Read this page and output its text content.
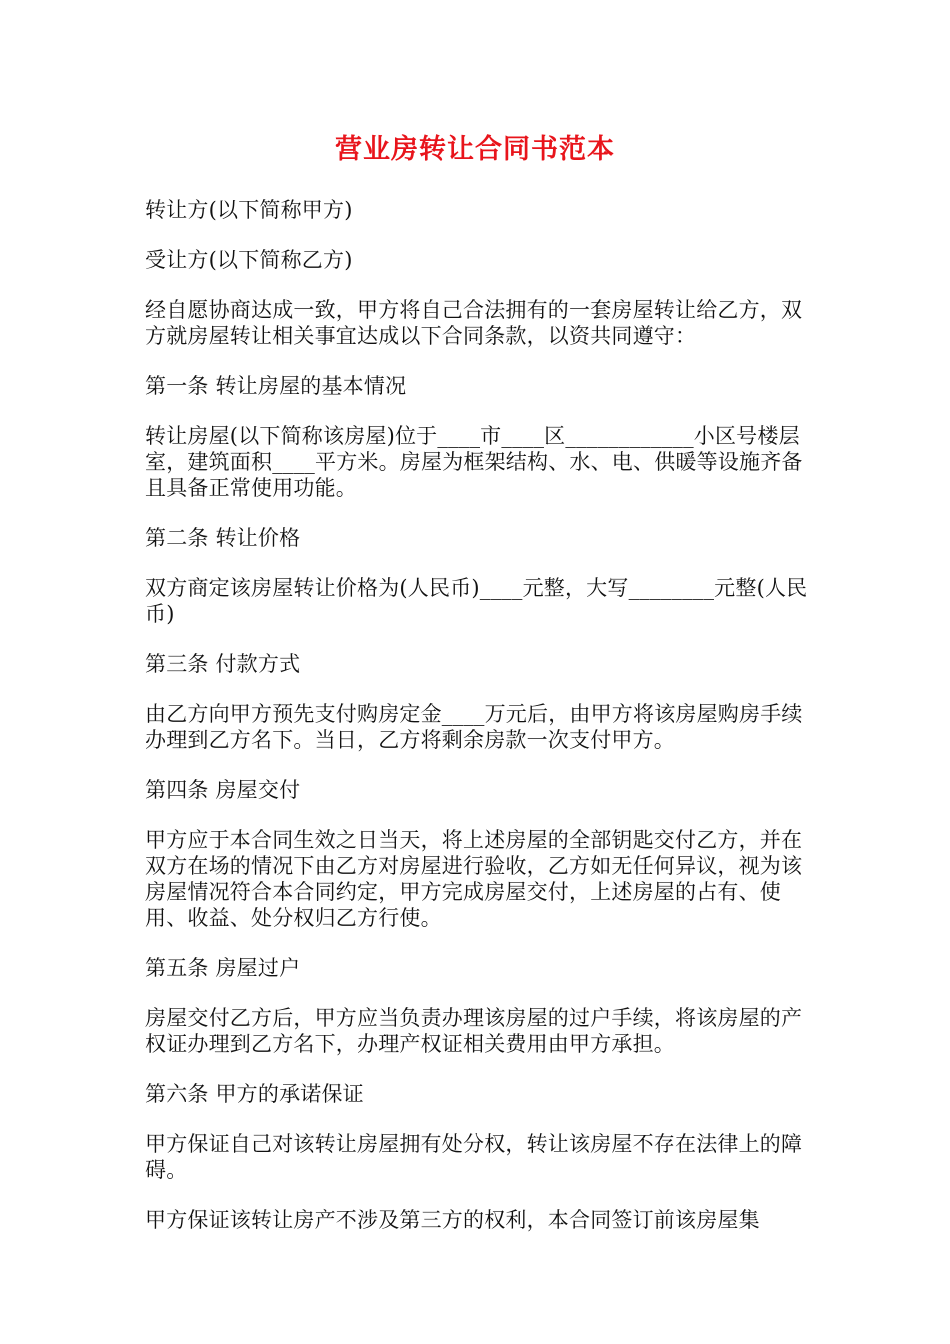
营业房转让合同书范本

转让方(以下简称甲方)

受让方(以下简称乙方)

经自愿协商达成一致，甲方将自己合法拥有的一套房屋转让给乙方，双方就房屋转让相关事宜达成以下合同条款，以资共同遵守：

第一条 转让房屋的基本情况

转让房屋(以下简称该房屋)位于____市____区____________小区号楼层室，建筑面积____平方米。房屋为框架结构、水、电、供暖等设施齐备且具备正常使用功能。

第二条 转让价格

双方商定该房屋转让价格为(人民币)____元整，大写________元整(人民币)

第三条 付款方式

由乙方向甲方预先支付购房定金____万元后，由甲方将该房屋购房手续办理到乙方名下。当日，乙方将剩余房款一次支付甲方。

第四条 房屋交付

甲方应于本合同生效之日当天，将上述房屋的全部钥匙交付乙方，并在双方在场的情况下由乙方对房屋进行验收，乙方如无任何异议，视为该房屋情况符合本合同约定，甲方完成房屋交付，上述房屋的占有、使用、收益、处分权归乙方行使。

第五条 房屋过户

房屋交付乙方后，甲方应当负责办理该房屋的过户手续，将该房屋的产权证办理到乙方名下，办理产权证相关费用由甲方承担。

第六条 甲方的承诺保证

甲方保证自己对该转让房屋拥有处分权，转让该房屋不存在法律上的障碍。

甲方保证该转让房产不涉及第三方的权利，本合同签订前该房屋集
